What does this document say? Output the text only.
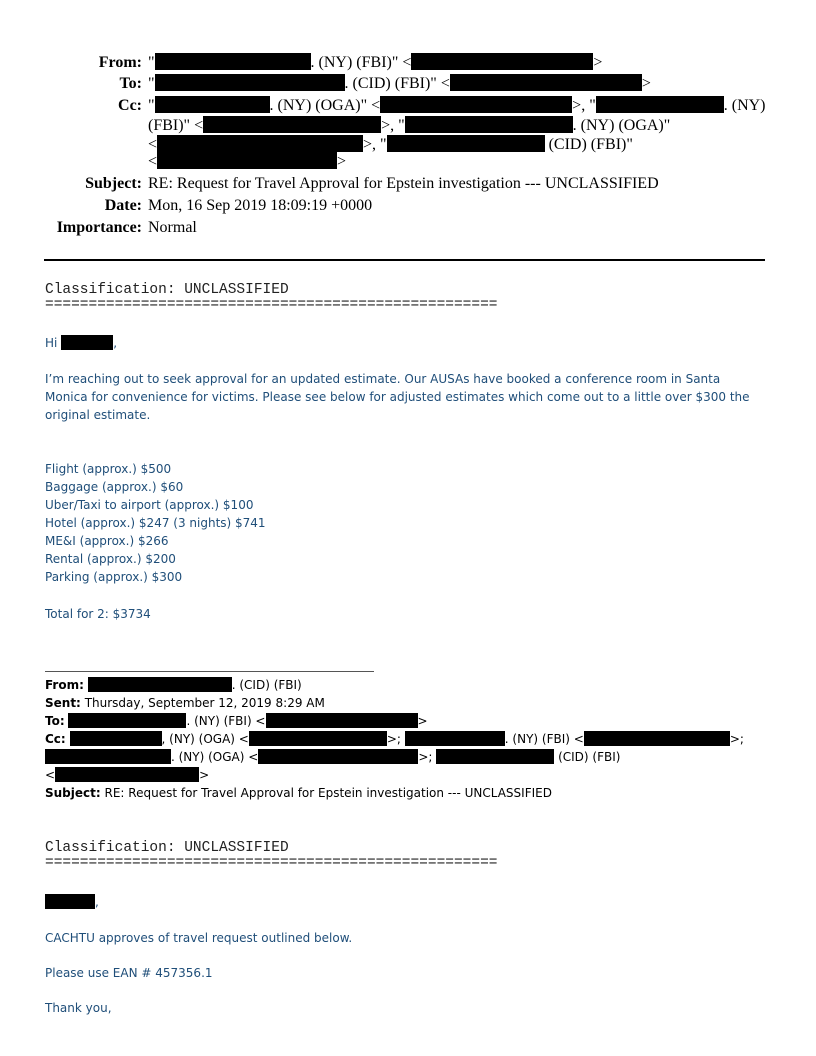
From: "	. (NY) (FBI)" <	>
To: "	. (CID) (FBI)" <	>
Cc: "	. (NY) (OGA)" <	>, "	. (NY)
(FBI)" <	>, "	. (NY) (OGA)"
<	>, "	(CID) (FBI)"
<	>
Subject: RE: Request for Travel Approval for Epstein investigation --- UNCLASSIFIED
Date: Mon, 16 Sep 2019 18:09:19 +0000
Importance: Normal
Classification: UNCLASSIFIED
====================================================
Hi	,
I’m reaching out to seek approval for an updated estimate. Our AUSAs have booked a conference room in Santa Monica for convenience for victims. Please see below for adjusted estimates which come out to a little over $300 the original estimate.
Flight (approx.) $500
Baggage (approx.) $60
Uber/Taxi to airport (approx.) $100
Hotel (approx.) $247 (3 nights) $741
ME&I (approx.) $266
Rental (approx.) $200
Parking (approx.) $300
Total for 2: $3734
From:	. (CID) (FBI)
Sent: Thursday, September 12, 2019 8:29 AM
To:	. (NY) (FBI) <	>
Cc:	, (NY) (OGA) <	>;	. (NY) (FBI) <	>;
. (NY) (OGA) <	>;	(CID) (FBI)
<	>
Subject: RE: Request for Travel Approval for Epstein investigation --- UNCLASSIFIED
Classification: UNCLASSIFIED
====================================================
,
CACHTU approves of travel request outlined below.
Please use EAN # 457356.1
Thank you,
